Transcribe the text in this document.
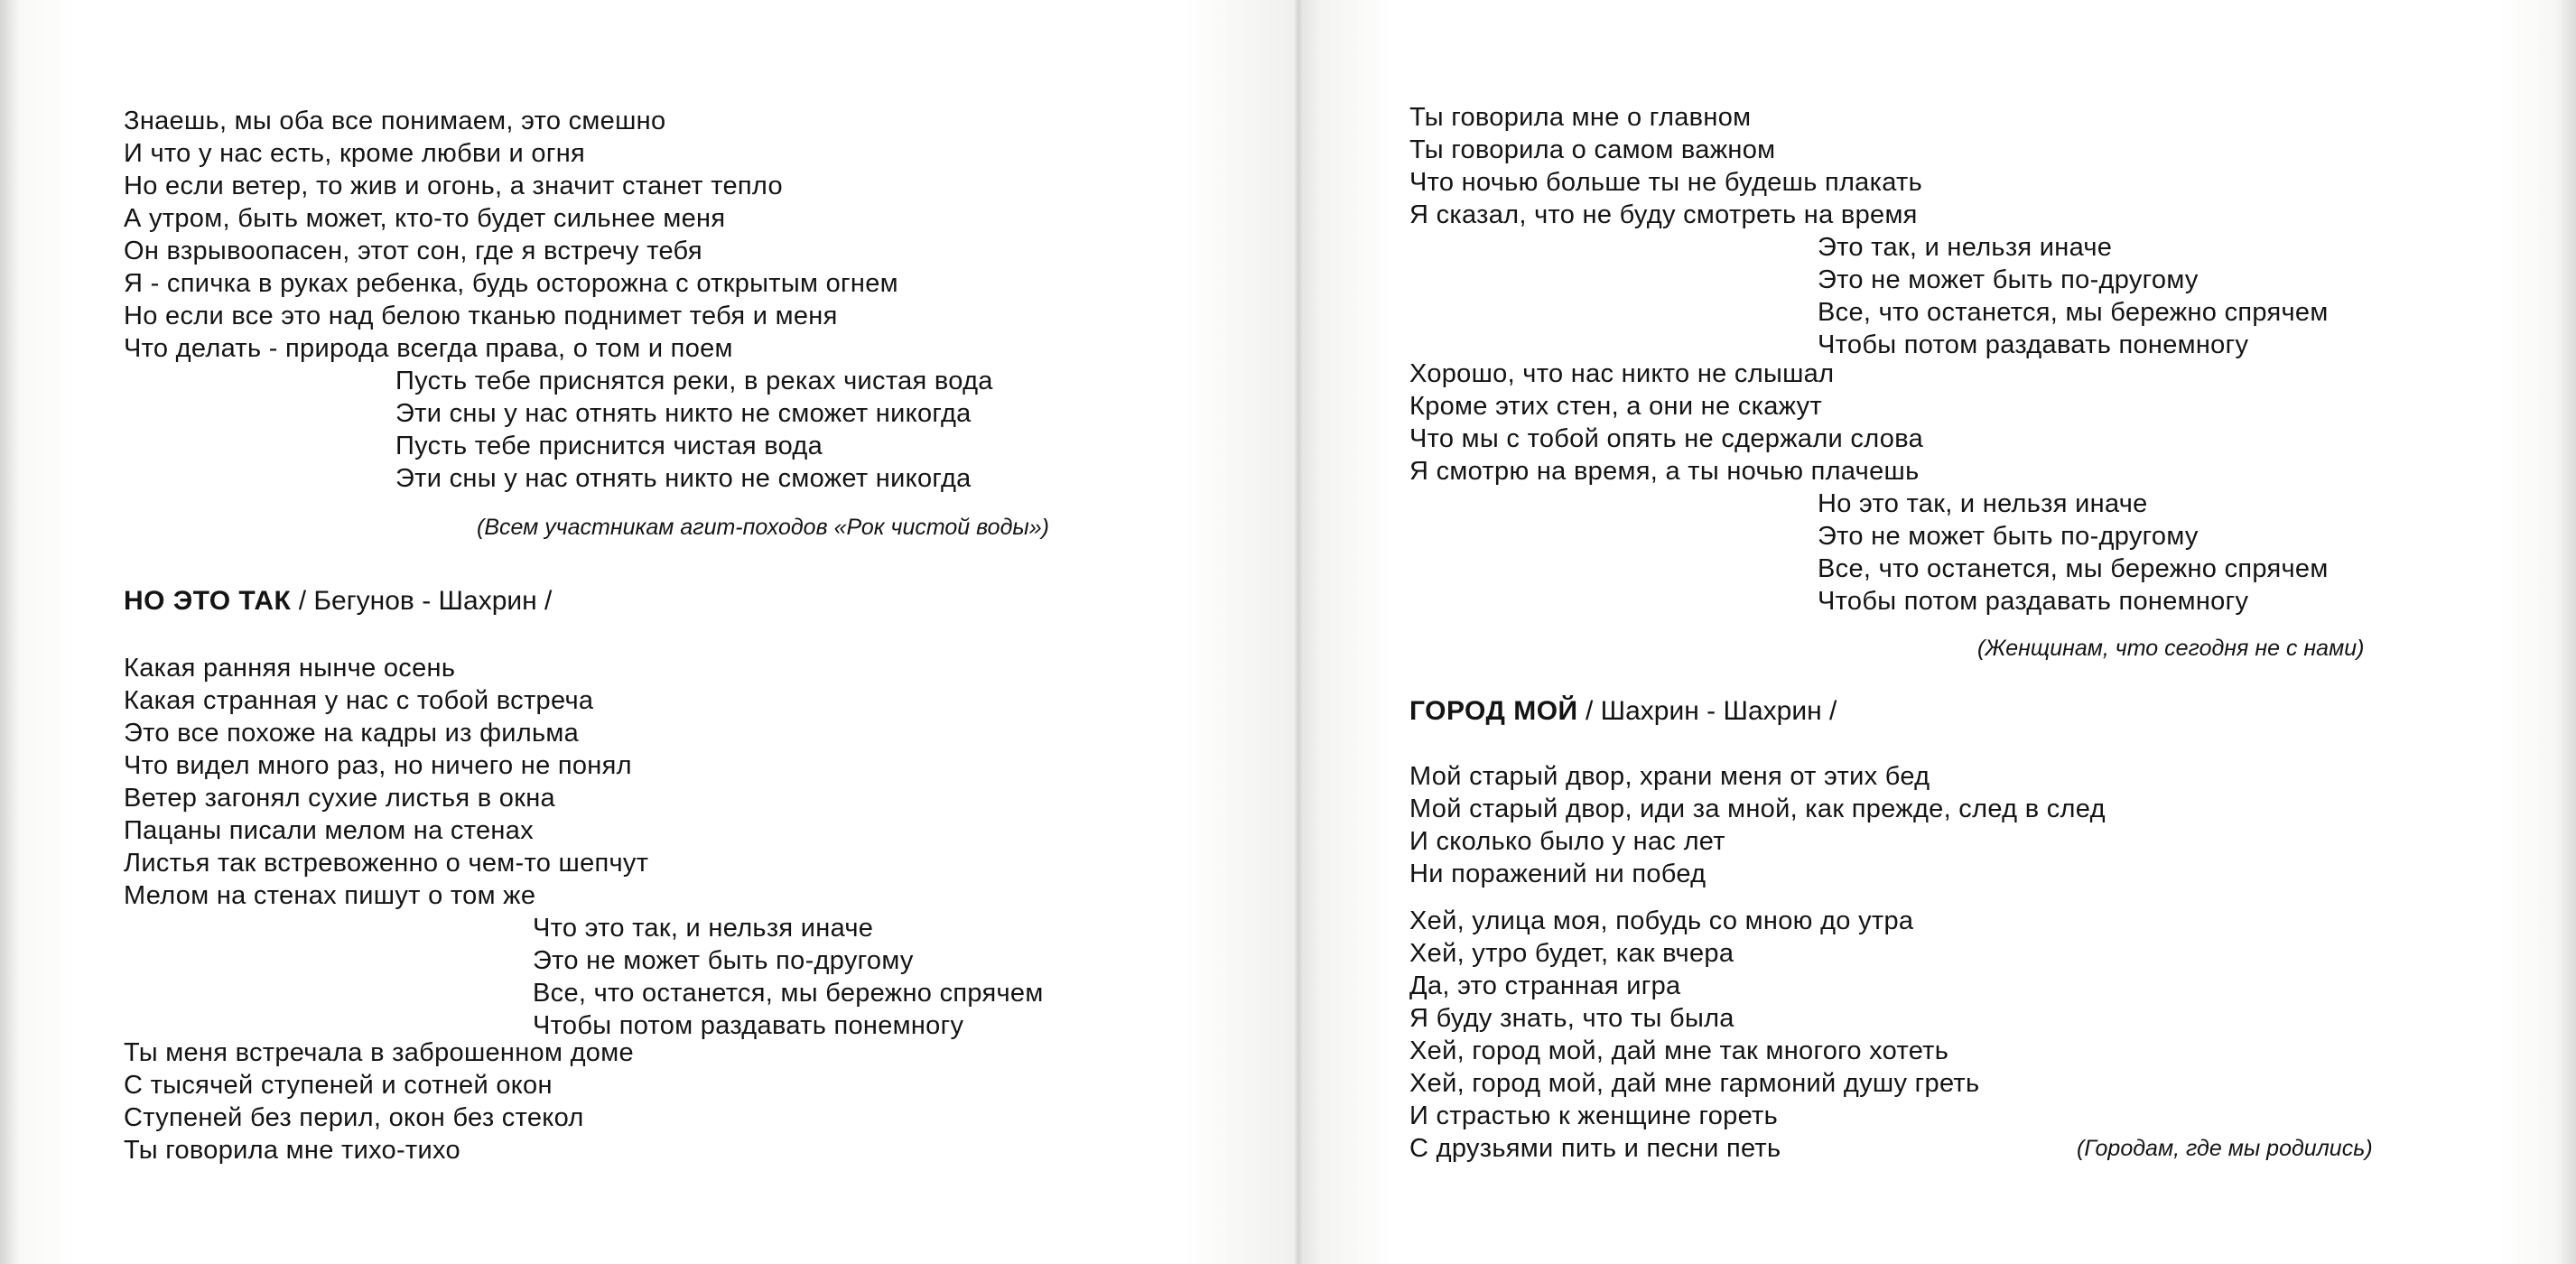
Знаешь, мы оба все понимаем, это смешно
И что у нас есть, кроме любви и огня
Но если ветер, то жив и огонь, а значит станет тепло
А утром, быть может, кто-то будет сильнее меня
Он взрывоопасен, этот сон, где я встречу тебя
Я - спичка в руках ребенка, будь осторожна с открытым огнем
Но если все это над белою тканью поднимет тебя и меня
Что делать - природа всегда права, о том и поем
Пусть тебе приснятся реки, в реках чистая вода
Эти сны у нас отнять никто не сможет никогда
Пусть тебе приснится чистая вода
Эти сны у нас отнять никто не сможет никогда
(Всем участникам агит-походов «Рок чистой воды»)
НО ЭТО ТАК / Бегунов - Шахрин /
Какая ранняя нынче осень
Какая странная у нас с тобой встреча
Это все похоже на кадры из фильма
Что видел много раз, но ничего не понял
Ветер загонял сухие листья в окна
Пацаны писали мелом на стенах
Листья так встревоженно о чем-то шепчут
Мелом на стенах пишут о том же
Что это так, и нельзя иначе
Это не может быть по-другому
Все, что останется, мы бережно спрячем
Чтобы потом раздавать понемногу
Ты меня встречала в заброшенном доме
С тысячей ступеней и сотней окон
Ступеней без перил, окон без стекол
Ты говорила мне тихо-тихо
Ты говорила мне о главном
Ты говорила о самом важном
Что ночью больше ты не будешь плакать
Я сказал, что не буду смотреть на время
Это так, и нельзя иначе
Это не может быть по-другому
Все, что останется, мы бережно спрячем
Чтобы потом раздавать понемногу
Хорошо, что нас никто не слышал
Кроме этих стен, а они не скажут
Что мы с тобой опять не сдержали слова
Я смотрю на время, а ты ночью плачешь
Но это так, и нельзя иначе
Это не может быть по-другому
Все, что останется, мы бережно спрячем
Чтобы потом раздавать понемногу
(Женщинам, что сегодня не с нами)
ГОРОД МОЙ / Шахрин - Шахрин /
Мой старый двор, храни меня от этих бед
Мой старый двор, иди за мной, как прежде, след в след
И сколько было у нас лет
Ни поражений ни побед
Хей, улица моя, побудь со мною до утра
Хей, утро будет, как вчера
Да, это странная игра
Я буду знать, что ты была
Хей, город мой, дай мне так многого хотеть
Хей, город мой, дай мне гармоний душу греть
И страстью к женщине гореть
С друзьями пить и песни петь	(Городам, где мы родились)
